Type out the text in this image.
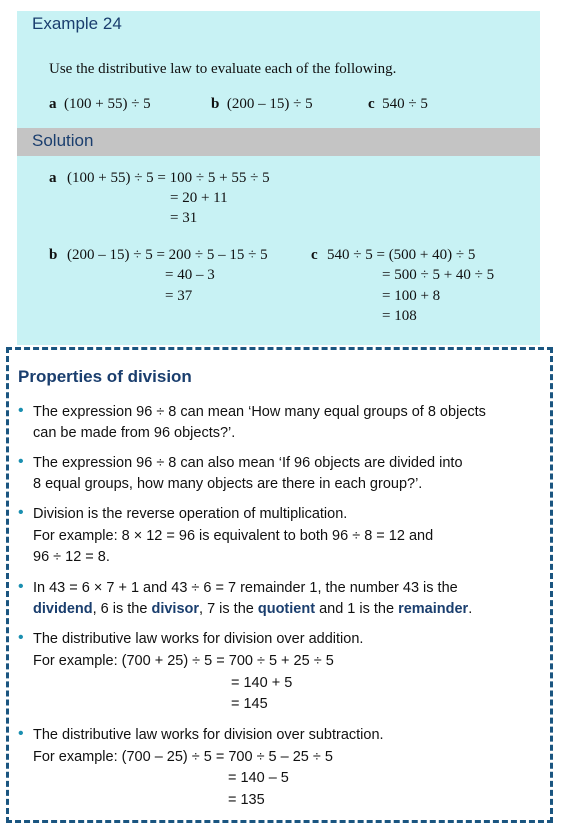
Example 24
Use the distributive law to evaluate each of the following.
a (100 + 55) ÷ 5	b (200 – 15) ÷ 5	c 540 ÷ 5
Solution
a (100 + 55) ÷ 5 = 100 ÷ 5 + 55 ÷ 5
= 20 + 11
= 31
b (200 – 15) ÷ 5 = 200 ÷ 5 – 15 ÷ 5
= 40 – 3
= 37
c 540 ÷ 5 = (500 + 40) ÷ 5
= 500 ÷ 5 + 40 ÷ 5
= 100 + 8
= 108
Properties of division
• The expression 96 ÷ 8 can mean ‘How many equal groups of 8 objects
can be made from 96 objects?’.
• The expression 96 ÷ 8 can also mean ‘If 96 objects are divided into
8 equal groups, how many objects are there in each group?’.
• Division is the reverse operation of multiplication.
For example: 8 × 12 = 96 is equivalent to both 96 ÷ 8 = 12 and
96 ÷ 12 = 8.
• In 43 = 6 × 7 + 1 and 43 ÷ 6 = 7 remainder 1, the number 43 is the
dividend, 6 is the divisor, 7 is the quotient and 1 is the remainder.
• The distributive law works for division over addition.
For example: (700 + 25) ÷ 5 = 700 ÷ 5 + 25 ÷ 5
= 140 + 5
= 145
• The distributive law works for division over subtraction.
For example: (700 – 25) ÷ 5 = 700 ÷ 5 – 25 ÷ 5
= 140 – 5
= 135
